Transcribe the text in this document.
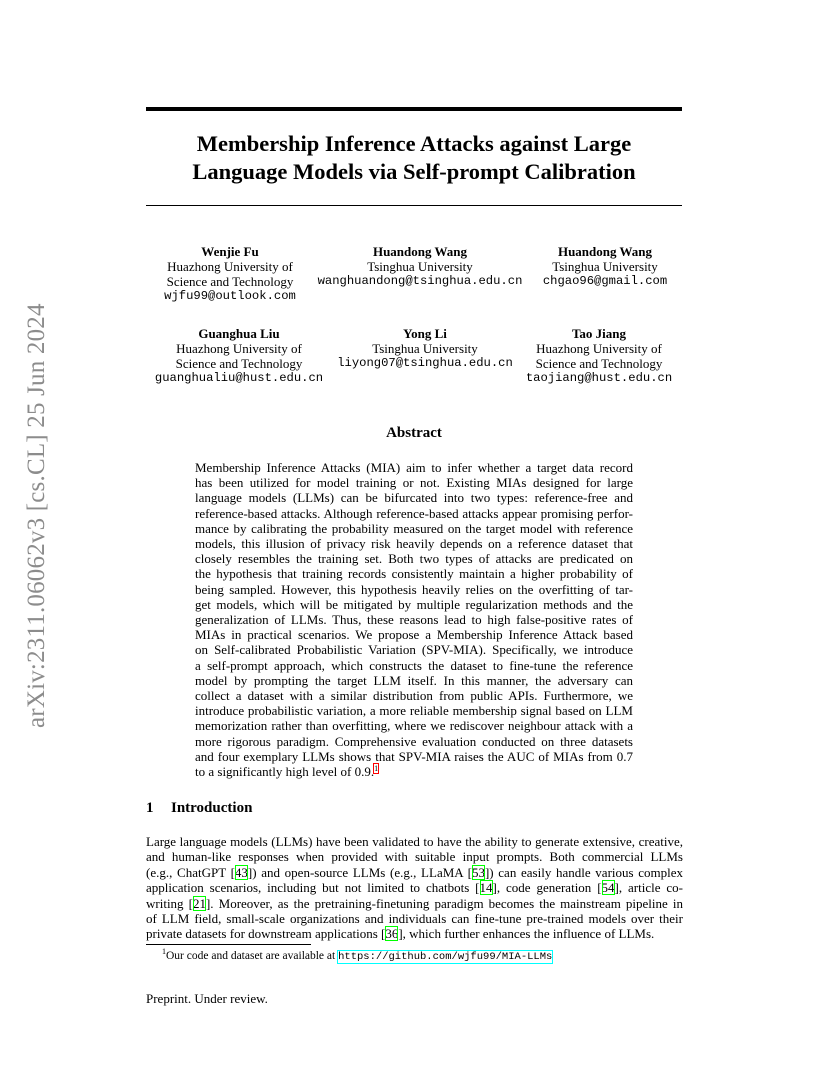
arXiv:2311.06062v3 [cs.CL] 25 Jun 2024
Membership Inference Attacks against Large
Language Models via Self-prompt Calibration
Wenjie Fu
Huazhong University of
Science and Technology
wjfu99@outlook.com
Huandong Wang
Tsinghua University
wanghuandong@tsinghua.edu.cn
Huandong Wang
Tsinghua University
chgao96@gmail.com
Guanghua Liu
Huazhong University of
Science and Technology
guanghualiu@hust.edu.cn
Yong Li
Tsinghua University
liyong07@tsinghua.edu.cn
Tao Jiang
Huazhong University of
Science and Technology
taojiang@hust.edu.cn
Abstract
Membership Inference Attacks (MIA) aim to infer whether a target data record
has been utilized for model training or not. Existing MIAs designed for large
language models (LLMs) can be bifurcated into two types: reference-free and
reference-based attacks. Although reference-based attacks appear promising perfor-
mance by calibrating the probability measured on the target model with reference
models, this illusion of privacy risk heavily depends on a reference dataset that
closely resembles the training set. Both two types of attacks are predicated on
the hypothesis that training records consistently maintain a higher probability of
being sampled. However, this hypothesis heavily relies on the overfitting of tar-
get models, which will be mitigated by multiple regularization methods and the
generalization of LLMs. Thus, these reasons lead to high false-positive rates of
MIAs in practical scenarios. We propose a Membership Inference Attack based
on Self-calibrated Probabilistic Variation (SPV-MIA). Specifically, we introduce
a self-prompt approach, which constructs the dataset to fine-tune the reference
model by prompting the target LLM itself. In this manner, the adversary can
collect a dataset with a similar distribution from public APIs. Furthermore, we
introduce probabilistic variation, a more reliable membership signal based on LLM
memorization rather than overfitting, where we rediscover neighbour attack with a
more rigorous paradigm. Comprehensive evaluation conducted on three datasets
and four exemplary LLMs shows that SPV-MIA raises the AUC of MIAs from 0.7
to a significantly high level of 0.9.$^1$
1 Introduction
Large language models (LLMs) have been validated to have the ability to generate extensive, creative,
and human-like responses when provided with suitable input prompts. Both commercial LLMs
(e.g., ChatGPT [43]) and open-source LLMs (e.g., LLaMA [53]) can easily handle various complex
application scenarios, including but not limited to chatbots [14], code generation [54], article co-
writing [21]. Moreover, as the pretraining-finetuning paradigm becomes the mainstream pipeline in
of LLM field, small-scale organizations and individuals can fine-tune pre-trained models over their
private datasets for downstream applications [36], which further enhances the influence of LLMs.
$^1$Our code and dataset are available at https://github.com/wjfu99/MIA-LLMs
Preprint. Under review.
